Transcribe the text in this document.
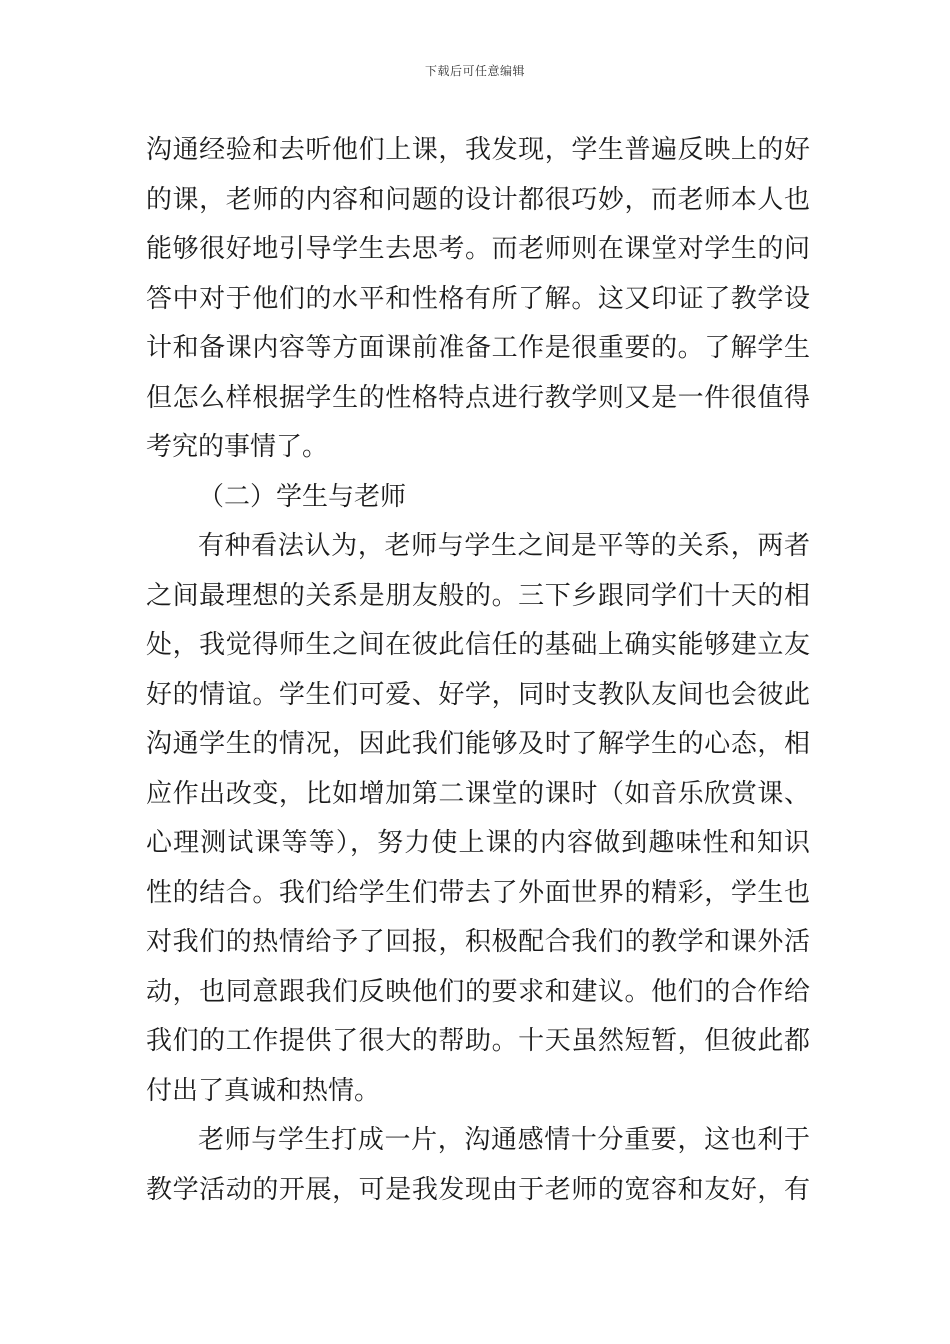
下载后可任意编辑
沟通经验和去听他们上课，我发现，学生普遍反映上的好
的课，老师的内容和问题的设计都很巧妙，而老师本人也
能够很好地引导学生去思考。而老师则在课堂对学生的问
答中对于他们的水平和性格有所了解。这又印证了教学设
计和备课内容等方面课前准备工作是很重要的。了解学生
但怎么样根据学生的性格特点进行教学则又是一件很值得
考究的事情了。
（二）学生与老师
有种看法认为，老师与学生之间是平等的关系，两者
之间最理想的关系是朋友般的。三下乡跟同学们十天的相
处，我觉得师生之间在彼此信任的基础上确实能够建立友
好的情谊。学生们可爱、好学，同时支教队友间也会彼此
沟通学生的情况，因此我们能够及时了解学生的心态，相
应作出改变，比如增加第二课堂的课时（如音乐欣赏课、
心理测试课等等），努力使上课的内容做到趣味性和知识
性的结合。我们给学生们带去了外面世界的精彩，学生也
对我们的热情给予了回报，积极配合我们的教学和课外活
动，也同意跟我们反映他们的要求和建议。他们的合作给
我们的工作提供了很大的帮助。十天虽然短暂，但彼此都
付出了真诚和热情。
老师与学生打成一片，沟通感情十分重要，这也利于
教学活动的开展，可是我发现由于老师的宽容和友好，有
